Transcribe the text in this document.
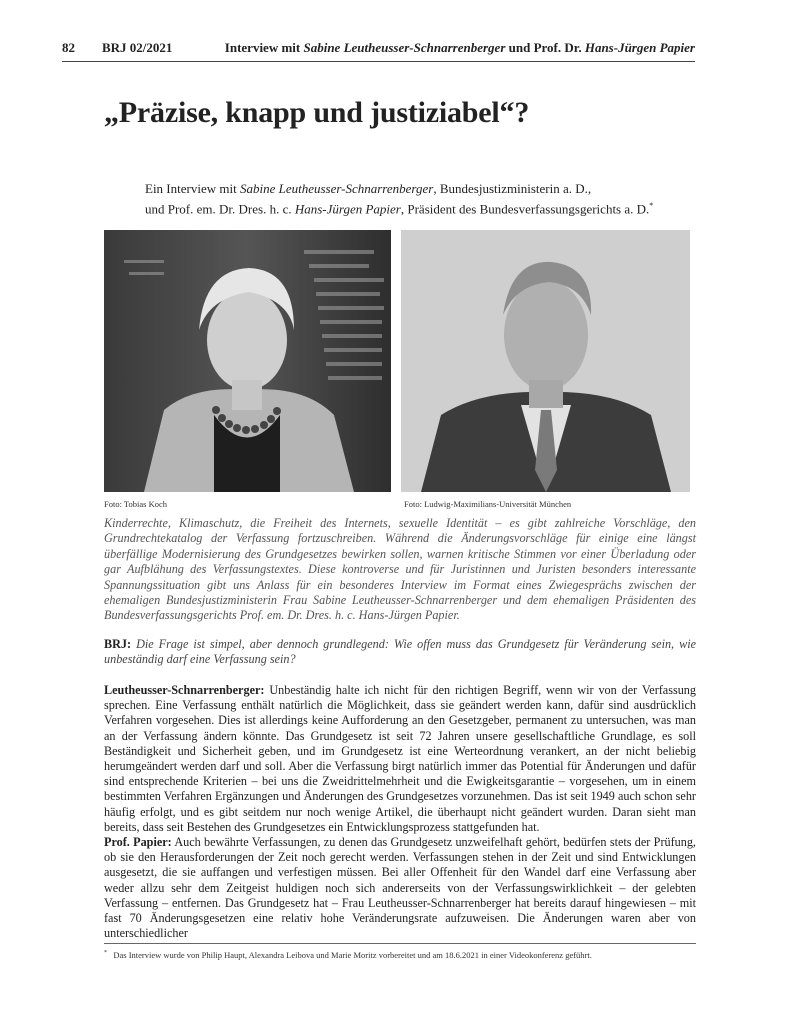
82 BRJ 02/2021	Interview mit Sabine Leutheusser-Schnarrenberger und Prof. Dr. Hans-Jürgen Papier
„Präzise, knapp und justiziabel“?
Ein Interview mit Sabine Leutheusser-Schnarrenberger, Bundesjustizministerin a. D.,
und Prof. em. Dr. Dres. h. c. Hans-Jürgen Papier, Präsident des Bundesverfassungsgerichts a. D.*
Foto: Tobias Koch	Foto: Ludwig-Maximilians-Universität München
Kinderrechte, Klimaschutz, die Freiheit des Internets, sexuelle Identität – es gibt zahlreiche Vorschläge, den Grundrechtekatalog der Verfassung fortzuschreiben. Während die Änderungsvorschläge für einige eine längst überfällige Modernisierung des Grundgesetzes bewirken sollen, warnen kritische Stimmen vor einer Überladung oder gar Aufblähung des Verfassungstextes. Diese kontroverse und für Juristinnen und Juristen besonders interessante Spannungssituation gibt uns Anlass für ein besonderes Interview im Format eines Zwiegesprächs zwischen der ehemaligen Bundesjustizministerin Frau Sabine Leutheusser-Schnarrenberger und dem ehemaligen Präsidenten des Bundesverfassungsgerichts Prof. em. Dr. Dres. h. c. Hans-Jürgen Papier.
BRJ: Die Frage ist simpel, aber dennoch grundlegend: Wie offen muss das Grundgesetz für Veränderung sein, wie unbeständig darf eine Verfassung sein?

Leutheusser-Schnarrenberger: Unbeständig halte ich nicht für den richtigen Begriff, wenn wir von der Verfassung sprechen. Eine Verfassung enthält natürlich die Möglichkeit, dass sie geändert werden kann, dafür sind ausdrücklich Verfahren vorgesehen. Dies ist allerdings keine Aufforderung an den Gesetzgeber, permanent zu untersuchen, was man an der Verfassung ändern könnte. Das Grundgesetz ist seit 72 Jahren unsere gesellschaftliche Grundlage, es soll Beständigkeit und Sicherheit geben, und im Grundgesetz ist eine Werteordnung verankert, an der nicht beliebig herumgeändert werden darf und soll. Aber die Verfassung birgt natürlich immer das Potential für Änderungen und dafür sind entsprechende Kriterien – bei uns die Zweidrittelmehrheit und die Ewigkeitsgarantie – vorgesehen, um in einem bestimmten Verfahren Ergänzungen und Änderungen des Grundgesetzes vorzunehmen. Das ist seit 1949 auch schon sehr häufig erfolgt, und es gibt seitdem nur noch wenige Artikel, die überhaupt nicht geändert wurden. Daran sieht man bereits, dass seit Bestehen des Grundgesetzes ein Entwicklungsprozess stattgefunden hat.

Prof. Papier: Auch bewährte Verfassungen, zu denen das Grundgesetz unzweifelhaft gehört, bedürfen stets der Prüfung, ob sie den Herausforderungen der Zeit noch gerecht werden. Verfassungen stehen in der Zeit und sind Entwicklungen ausgesetzt, die sie auffangen und verfestigen müssen. Bei aller Offenheit für den Wandel darf eine Verfassung aber weder allzu sehr dem Zeitgeist huldigen noch sich andererseits von der Verfassungswirklichkeit – der gelebten Verfassung – entfernen. Das Grundgesetz hat – Frau Leutheusser-Schnarrenberger hat bereits darauf hingewiesen – mit fast 70 Änderungsgesetzen eine relativ hohe Veränderungsrate aufzuweisen. Die Änderungen waren aber von unterschiedlicher

* Das Interview wurde von Philip Haupt, Alexandra Leibova und Marie Moritz vorbereitet und am 18.6.2021 in einer Videokonferenz geführt.
